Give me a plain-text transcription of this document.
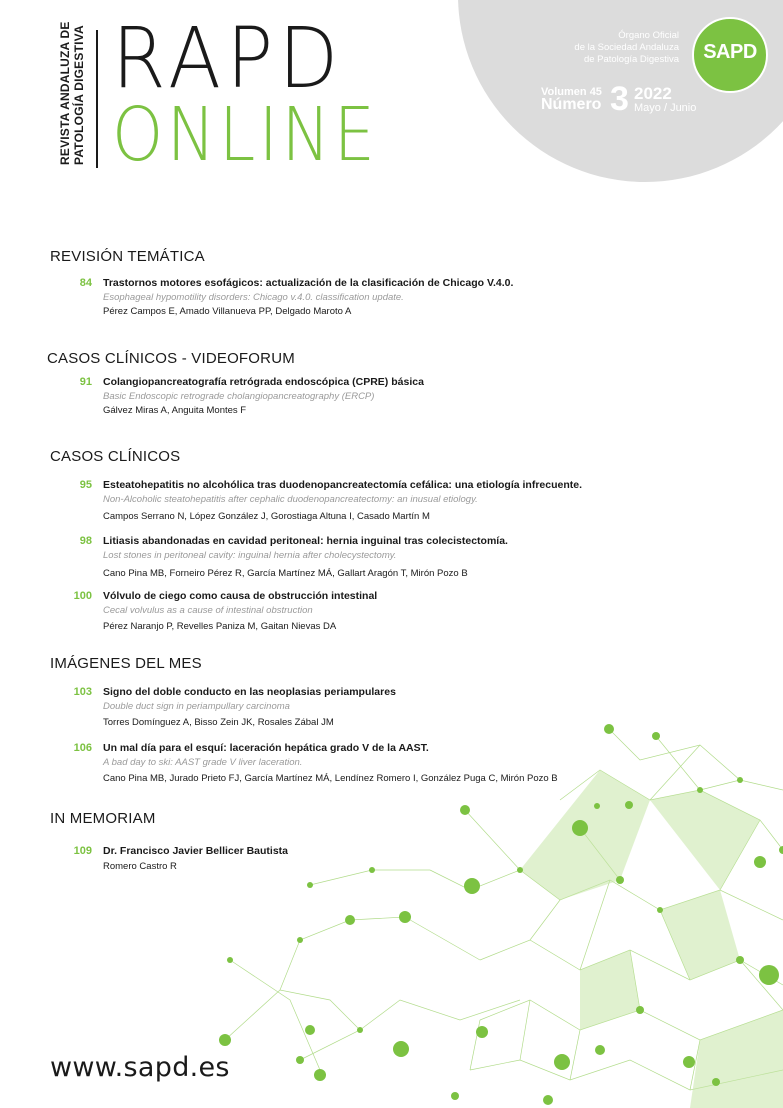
REVISTA ANDALUZA DE PATOLOGÍA DIGESTIVA RAPD
ONLINE
Órgano Oficial
de la Sociedad Andaluza
de Patología Digestiva	SAPD
Volumen 45
Número 3 2022
Mayo / Junio
REVISIÓN TEMÁTICA
84 Trastornos motores esofágicos: actualización de la clasificación de Chicago V.4.0.
Esophageal hypomotility disorders: Chicago v.4.0. classification update.
Pérez Campos E, Amado Villanueva PP, Delgado Maroto A
CASOS CLÍNICOS - VIDEOFORUM
91 Colangiopancreatografía retrógrada endoscópica (CPRE) básica
Basic Endoscopic retrograde cholangiopancreatography (ERCP)
Gálvez Miras A, Anguita Montes F
CASOS CLÍNICOS
95 Esteatohepatitis no alcohólica tras duodenopancreatectomía cefálica: una etiología infrecuente.
Non-Alcoholic steatohepatitis after cephalic duodenopancreatectomy: an inusual etiology.
Campos Serrano N, López González J, Gorostiaga Altuna I, Casado Martín M
98 Litiasis abandonadas en cavidad peritoneal: hernia inguinal tras colecistectomía.
Lost stones in peritoneal cavity: inguinal hernia after cholecystectomy.
Cano Pina MB, Forneiro Pérez R, García Martínez MÁ, Gallart Aragón T, Mirón Pozo B
100 Vólvulo de ciego como causa de obstrucción intestinal
Cecal volvulus as a cause of intestinal obstruction
Pérez Naranjo P, Revelles Paniza M, Gaitan Nievas DA
IMÁGENES DEL MES
103 Signo del doble conducto en las neoplasias periampulares
Double duct sign in periampullary carcinoma
Torres Domínguez A, Bisso Zein JK, Rosales Zábal JM
106 Un mal día para el esquí: laceración hepática grado V de la AAST.
A bad day to ski: AAST grade V liver laceration.
Cano Pina MB, Jurado Prieto FJ, García Martínez MÁ, Lendínez Romero I, González Puga C, Mirón Pozo B
IN MEMORIAM
109 Dr. Francisco Javier Bellicer Bautista
Romero Castro R
www.sapd.es
